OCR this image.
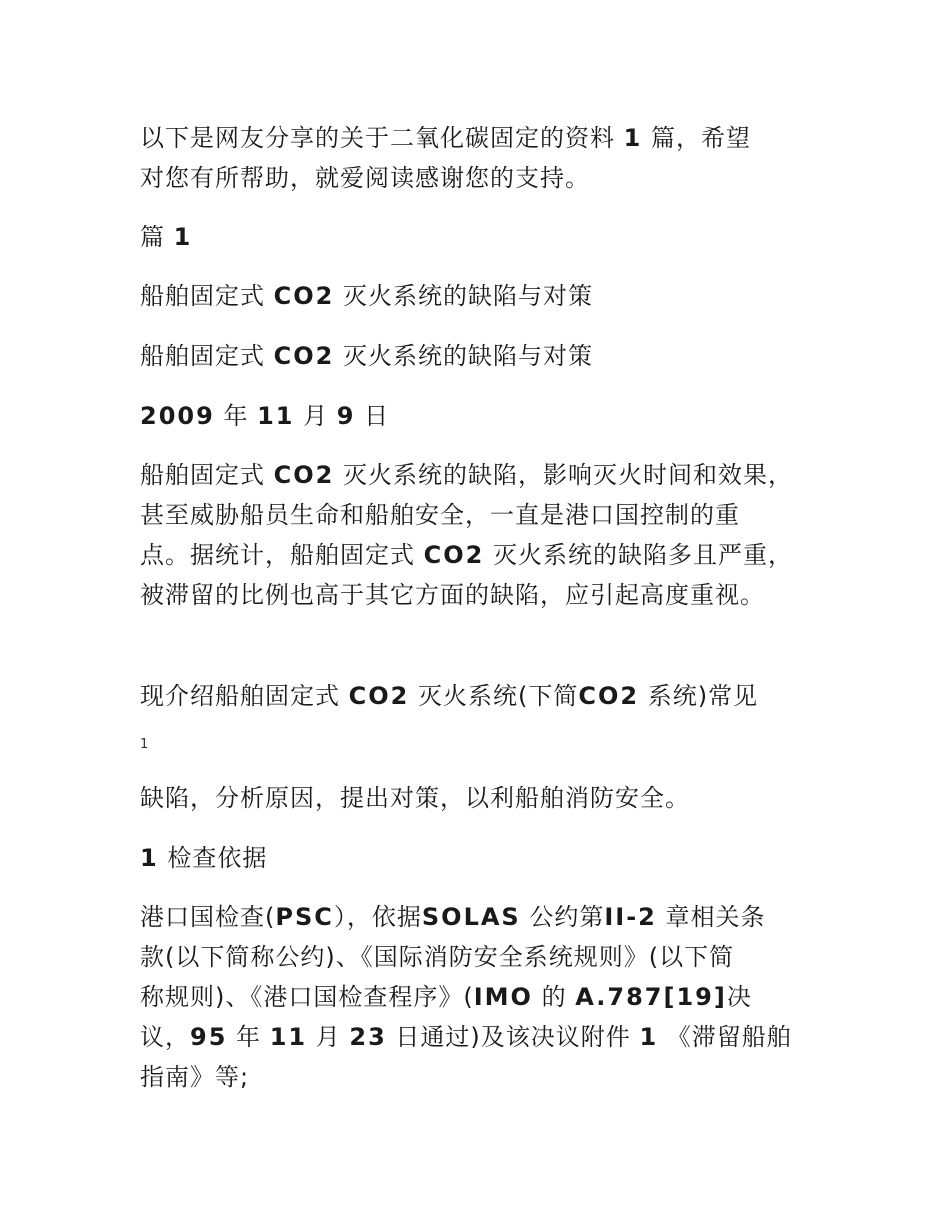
以下是网友分享的关于二氧化碳固定的资料 1 篇，希望
对您有所帮助，就爱阅读感谢您的支持。

篇 1

船舶固定式 CO2 灭火系统的缺陷与对策

船舶固定式 CO2 灭火系统的缺陷与对策

2009 年 11 月 9 日

船舶固定式 CO2 灭火系统的缺陷，影响灭火时间和效果，
甚至威胁船员生命和船舶安全，一直是港口国控制的重
点。据统计，船舶固定式 CO2 灭火系统的缺陷多且严重，
被滞留的比例也高于其它方面的缺陷，应引起高度重视。

现介绍船舶固定式 CO2 灭火系统(下简CO2 系统)常见

1

缺陷，分析原因，提出对策，以利船舶消防安全。

1 检查依据

港口国检查(PSC），依据SOLAS 公约第II-2 章相关条
款(以下简称公约)、《国际消防安全系统规则》(以下简
称规则)、《港口国检查程序》(IMO 的 A.787[19]决
议，95 年 11 月 23 日通过)及该决议附件 1 《滞留船舶
指南》等;
